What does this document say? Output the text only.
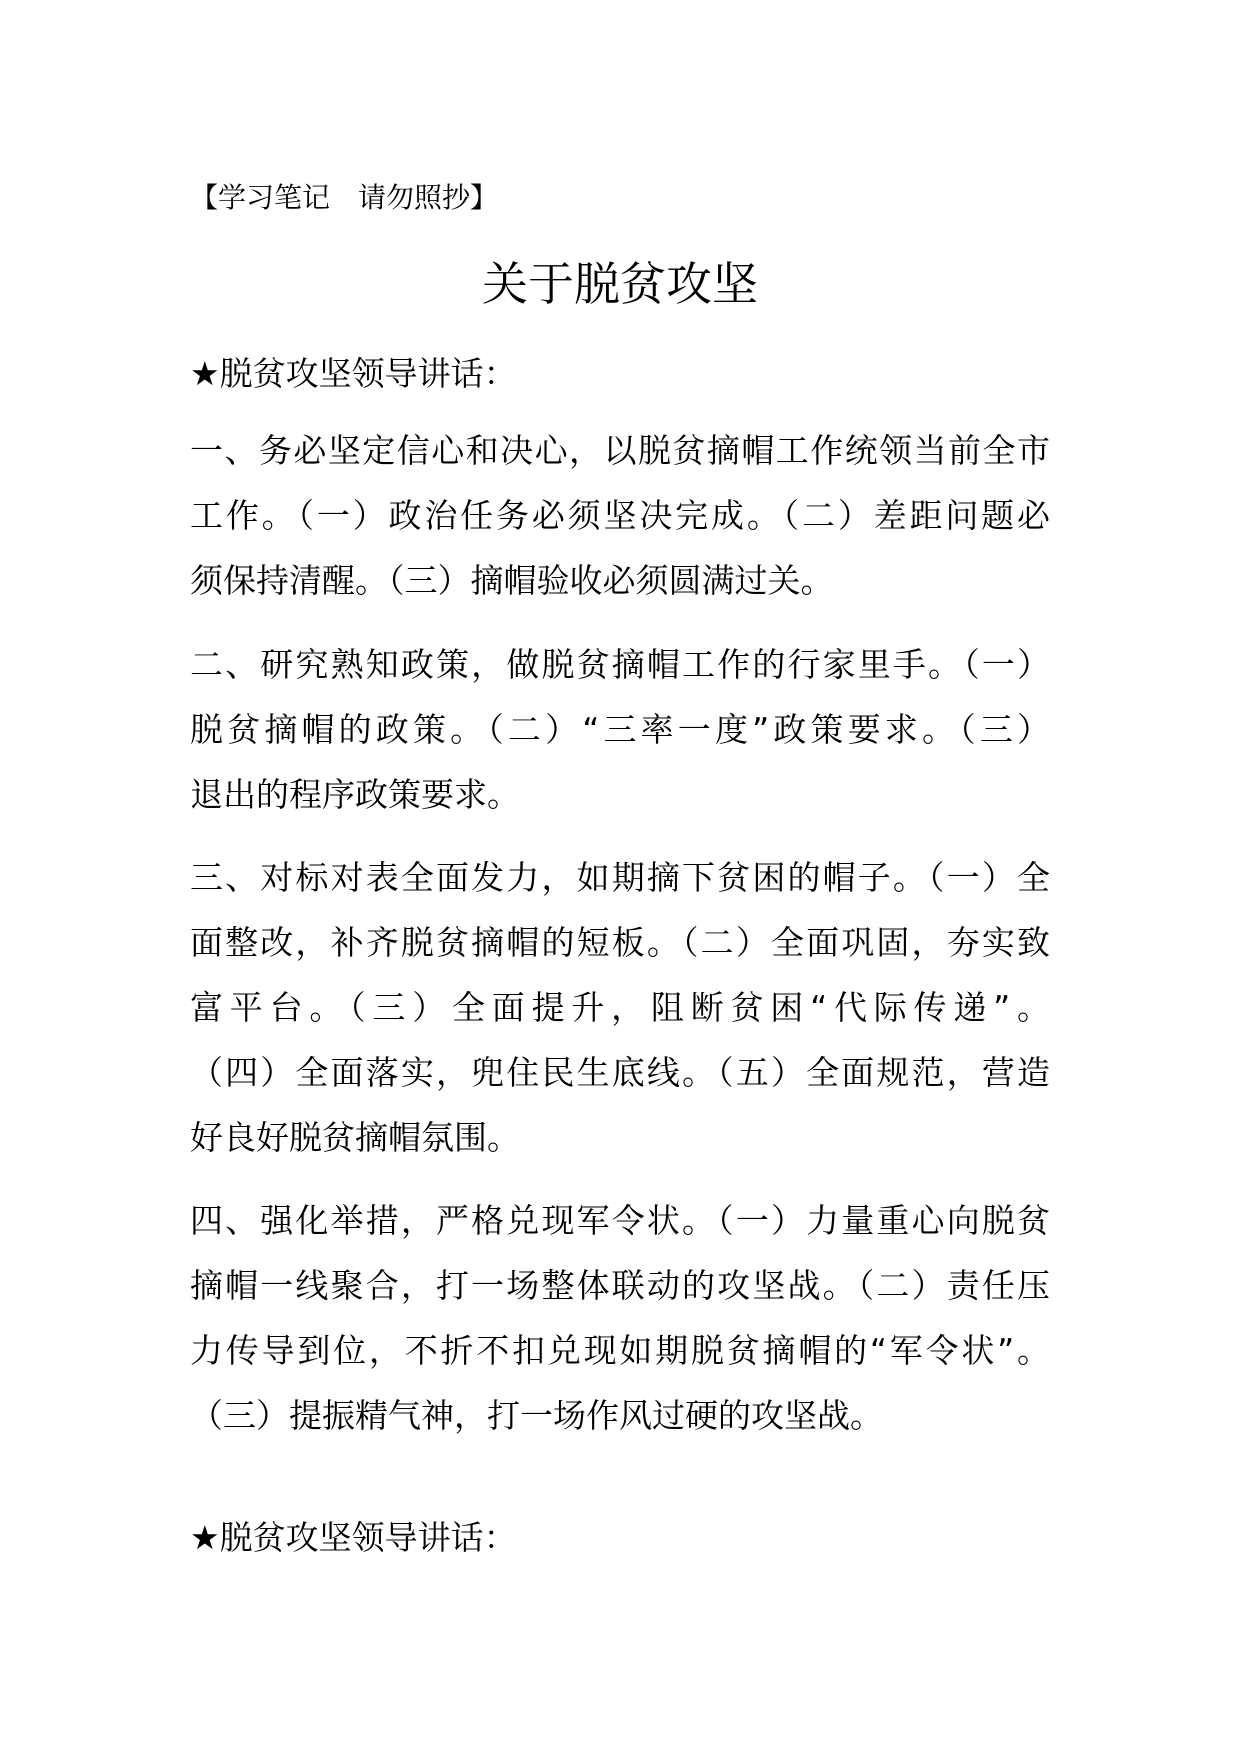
【学习笔记　请勿照抄】
关于脱贫攻坚
★脱贫攻坚领导讲话：
一、务必坚定信心和决心，以脱贫摘帽工作统领当前全市
工作。（一）政治任务必须坚决完成。（二）差距问题必
须保持清醒。（三）摘帽验收必须圆满过关。
二、研究熟知政策，做脱贫摘帽工作的行家里手。（一）
脱贫摘帽的政策。（二）“三率一度”政策要求。（三）
退出的程序政策要求。
三、对标对表全面发力，如期摘下贫困的帽子。（一）全
面整改，补齐脱贫摘帽的短板。（二）全面巩固，夯实致
富平台。（三）全面提升，阻断贫困“代际传递”。
（四）全面落实，兜住民生底线。（五）全面规范，营造
好良好脱贫摘帽氛围。
四、强化举措，严格兑现军令状。（一）力量重心向脱贫
摘帽一线聚合，打一场整体联动的攻坚战。（二）责任压
力传导到位，不折不扣兑现如期脱贫摘帽的“军令状”。
（三）提振精气神，打一场作风过硬的攻坚战。
★脱贫攻坚领导讲话：
